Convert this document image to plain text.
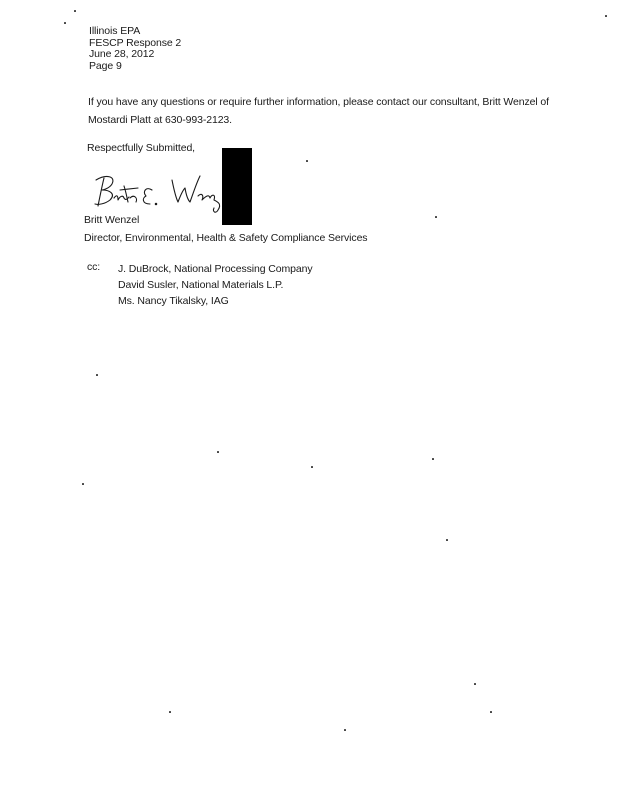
Illinois EPA
FESCP Response 2
June 28, 2012
Page 9
If you have any questions or require further information, please contact our consultant, Britt Wenzel of Mostardi Platt at 630-993-2123.
Respectfully Submitted,
Britt Wenzel
Director, Environmental, Health & Safety Compliance Services
cc: J. DuBrock, National Processing Company
David Susler, National Materials L.P.
Ms. Nancy Tikalsky, IAG
